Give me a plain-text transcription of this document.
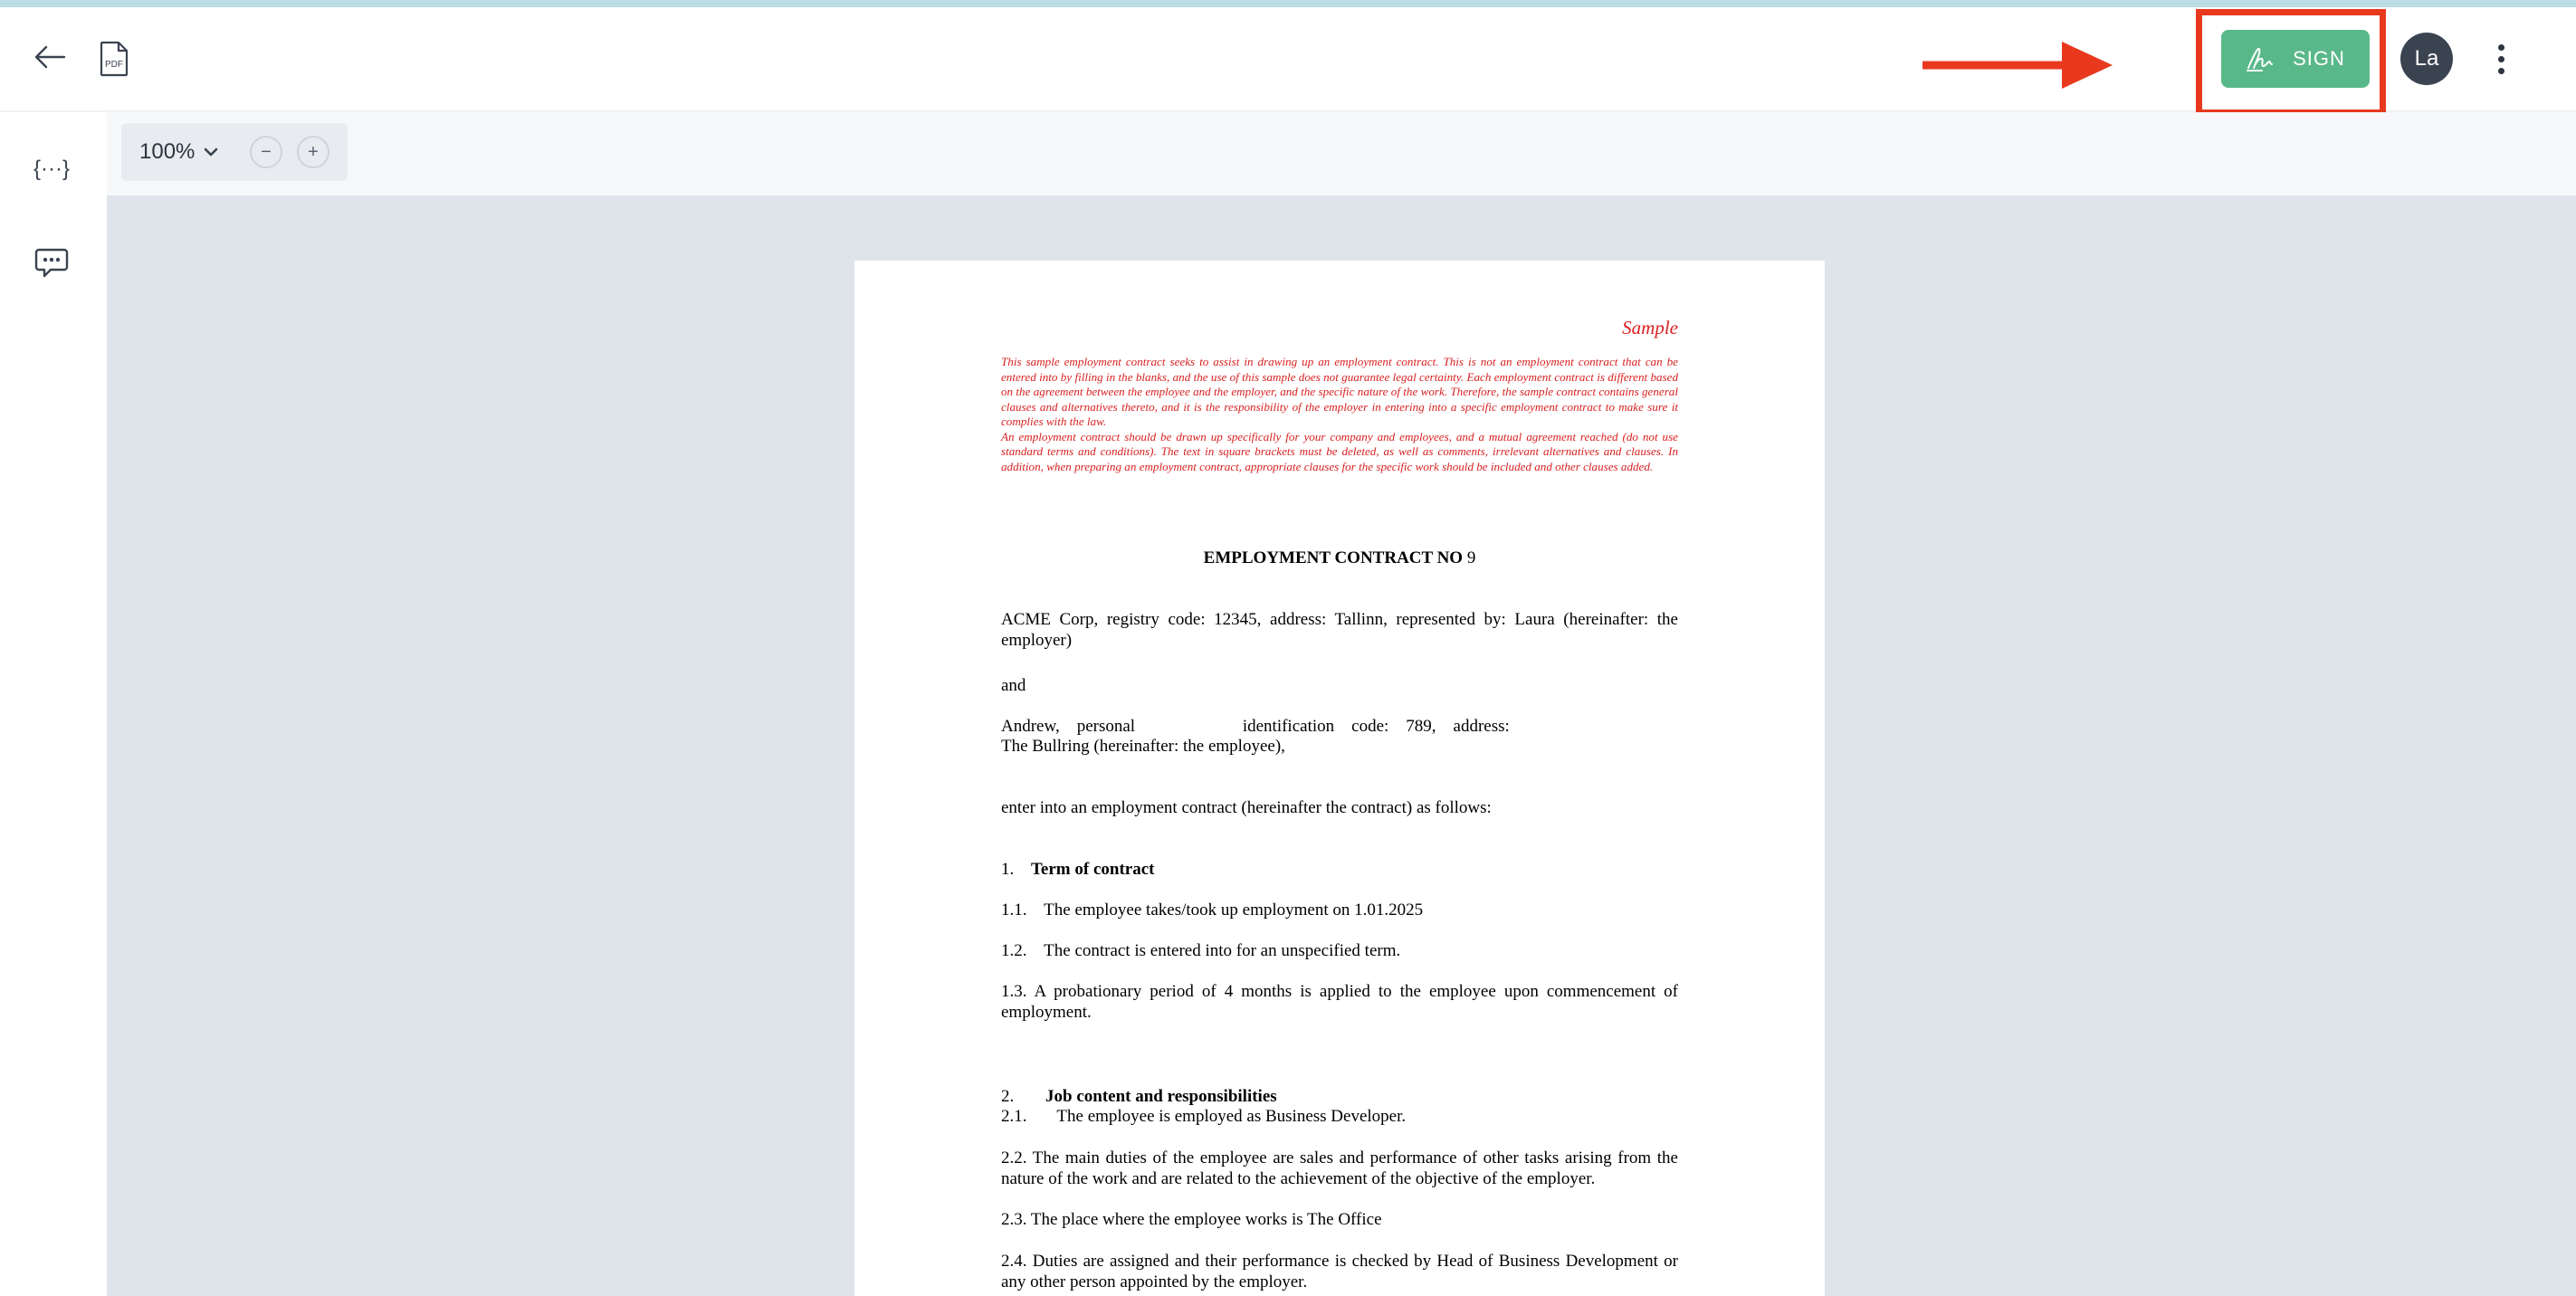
PDF	SIGN	La
{···}
100%	− +
Sample

This sample employment contract seeks to assist in drawing up an employment contract. This is not an employment contract that can be entered into by filling in the blanks, and the use of this sample does not guarantee legal certainty. Each employment contract is different based on the agreement between the employee and the employer, and the specific nature of the work. Therefore, the sample contract contains general clauses and alternatives thereto, and it is the responsibility of the employer in entering into a specific employment contract to make sure it complies with the law.

An employment contract should be drawn up specifically for your company and employees, and a mutual agreement reached (do not use standard terms and conditions). The text in square brackets must be deleted, as well as comments, irrelevant alternatives and clauses. In addition, when preparing an employment contract, appropriate clauses for the specific work should be included and other clauses added.

EMPLOYMENT CONTRACT NO 9
ACME Corp, registry code: 12345, address: Tallinn, represented by: Laura (hereinafter: the employer)
and
Andrew,    personal                         identification    code:    789,    address:
The Bullring (hereinafter: the employee),
enter into an employment contract (hereinafter the contract) as follows:
1. Term of contract
1.1.    The employee takes/took up employment on 1.01.2025
1.2.    The contract is entered into for an unspecified term.
1.3. A probationary period of 4 months is applied to the employee upon commencement of employment.
2. Job content and responsibilities
2.1.       The employee is employed as Business Developer.
2.2. The main duties of the employee are sales and performance of other tasks arising from the nature of the work and are related to the achievement of the objective of the employer.
2.3. The place where the employee works is The Office
2.4. Duties are assigned and their performance is checked by Head of Business Development or any other person appointed by the employer.
